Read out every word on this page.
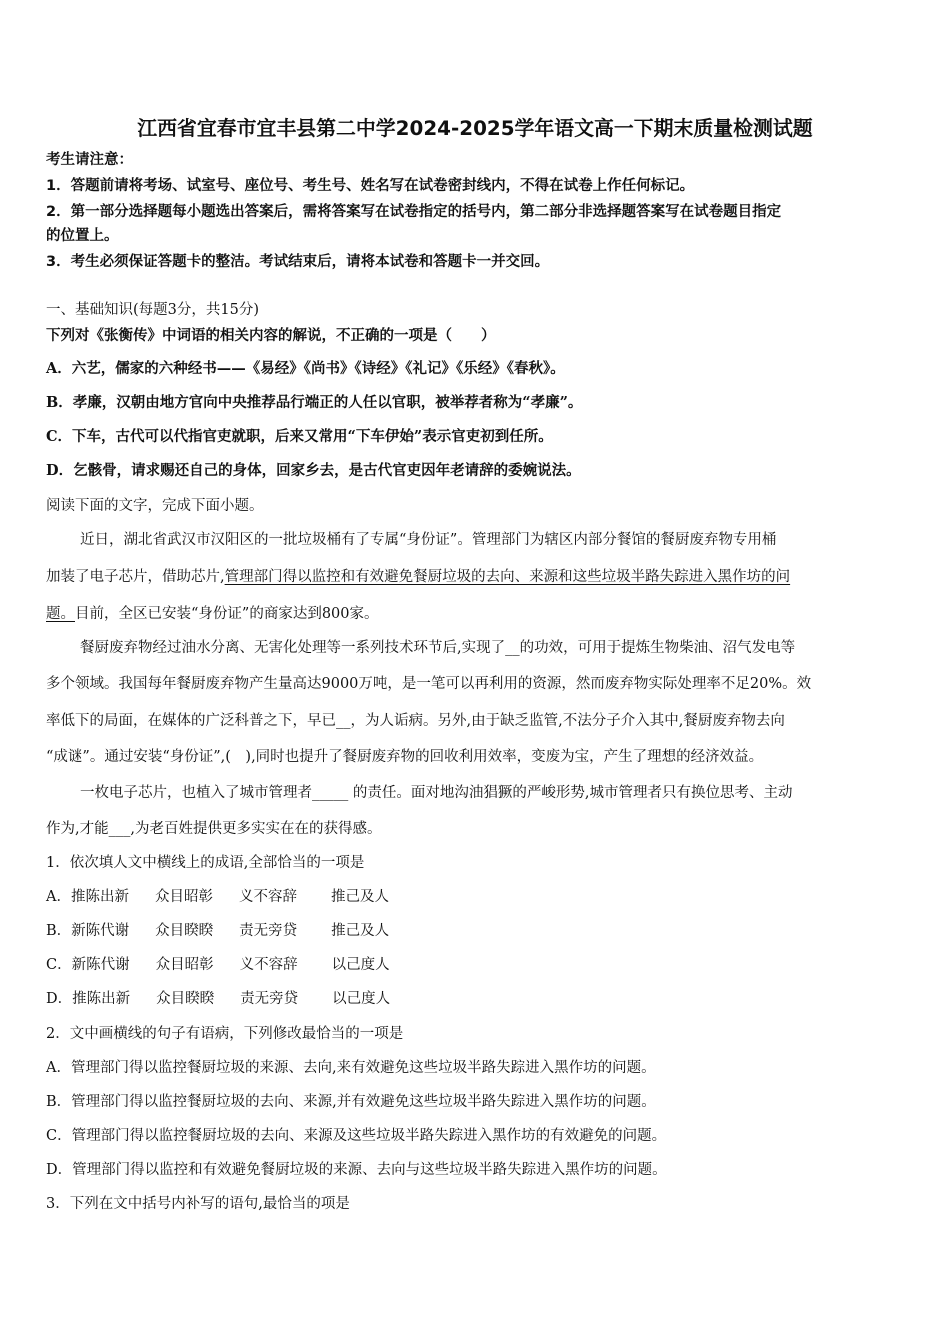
江西省宜春市宜丰县第二中学2024-2025学年语文高一下期末质量检测试题
考生请注意：
1．答题前请将考场、试室号、座位号、考生号、姓名写在试卷密封线内，不得在试卷上作任何标记。
2．第一部分选择题每小题选出答案后，需将答案写在试卷指定的括号内，第二部分非选择题答案写在试卷题目指定
的位置上。
3．考生必须保证答题卡的整洁。考试结束后，请将本试卷和答题卡一并交回。
一、基础知识(每题3分，共15分)
下列对《张衡传》中词语的相关内容的解说，不正确的一项是（　　）
A．六艺，儒家的六种经书——《易经》《尚书》《诗经》《礼记》《乐经》《春秋》。
B．孝廉，汉朝由地方官向中央推荐品行端正的人任以官职，被举荐者称为“孝廉”。
C．下车，古代可以代指官吏就职，后来又常用“下车伊始”表示官吏初到任所。
D．乞骸骨，请求赐还自己的身体，回家乡去，是古代官吏因年老请辞的委婉说法。
阅读下面的文字，完成下面小题。
近日，湖北省武汉市汉阳区的一批垃圾桶有了专属“身份证”。管理部门为辖区内部分餐馆的餐厨废弃物专用桶
加装了电子芯片，借助芯片,管理部门得以监控和有效避免餐厨垃圾的去向、来源和这些垃圾半路失踪进入黑作坊的问
题。目前，全区已安装“身份证”的商家达到800家。
餐厨废弃物经过油水分离、无害化处理等一系列技术环节后,实现了__的功效，可用于提炼生物柴油、沼气发电等
多个领域。我国每年餐厨废弃物产生量高达9000万吨，是一笔可以再利用的资源，然而废弃物实际处理率不足20%。效
率低下的局面，在媒体的广泛科普之下，早已__，为人诟病。另外,由于缺乏监管,不法分子介入其中,餐厨废弃物去向
“成谜”。通过安装“身份证”,(　),同时也提升了餐厨废弃物的回收利用效率，变废为宝，产生了理想的经济效益。
一枚电子芯片，也植入了城市管理者_____ 的责任。面对地沟油猖獗的严峻形势,城市管理者只有换位思考、主动
作为,才能___,为老百姓提供更多实实在在的获得感。
1．依次填人文中横线上的成语,全部恰当的一项是
A．推陈出新 众目昭彰 义不容辞 推己及人
B．新陈代谢 众目睽睽 责无旁贷 推己及人
C．新陈代谢 众目昭彰 义不容辞 以己度人
D．推陈出新 众目睽睽 责无旁贷 以己度人
2．文中画横线的句子有语病，下列修改最恰当的一项是
A．管理部门得以监控餐厨垃圾的来源、去向,来有效避免这些垃圾半路失踪进入黑作坊的问题。
B．管理部门得以监控餐厨垃圾的去向、来源,并有效避免这些垃圾半路失踪进入黑作坊的问题。
C．管理部门得以监控餐厨垃圾的去向、来源及这些垃圾半路失踪进入黑作坊的有效避免的问题。
D．管理部门得以监控和有效避免餐厨垃圾的来源、去向与这些垃圾半路失踪进入黑作坊的问题。
3．下列在文中括号内补写的语句,最恰当的项是
